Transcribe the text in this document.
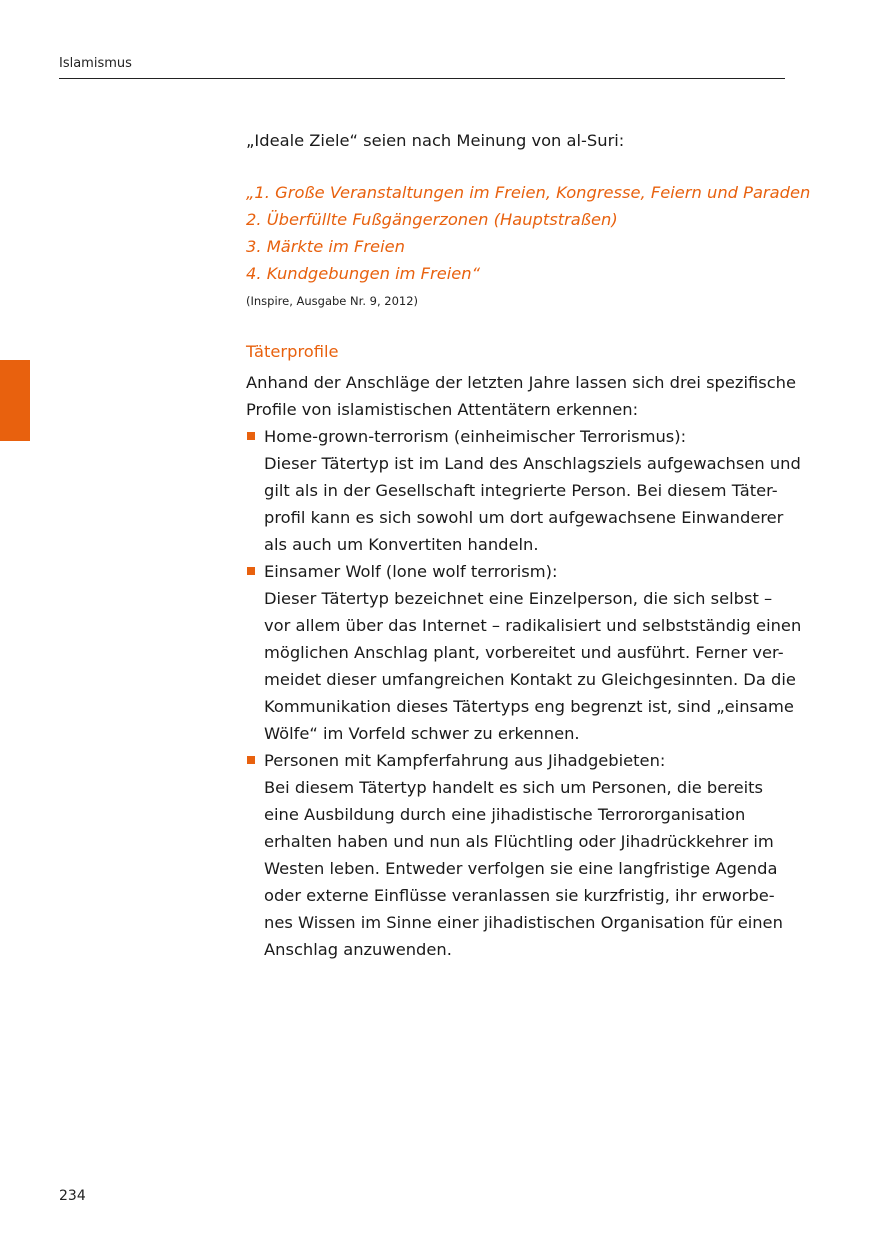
Islamismus
„Ideale Ziele“ seien nach Meinung von al-Suri:
„1. Große Veranstaltungen im Freien, Kongresse, Feiern und Paraden
2. Überfüllte Fußgängerzonen (Hauptstraßen)
3. Märkte im Freien
4. Kundgebungen im Freien“
(Inspire, Ausgabe Nr. 9, 2012)
Täterprofile
Anhand der Anschläge der letzten Jahre lassen sich drei spezifische
Profile von islamistischen Attentätern erkennen:
Home-grown-terrorism (einheimischer Terrorismus):
Dieser Tätertyp ist im Land des Anschlagsziels aufgewachsen und
gilt als in der Gesellschaft integrierte Person. Bei diesem Täter-
profil kann es sich sowohl um dort aufgewachsene Einwanderer
als auch um Konvertiten handeln.
Einsamer Wolf (lone wolf terrorism):
Dieser Tätertyp bezeichnet eine Einzelperson, die sich selbst –
vor allem über das Internet – radikalisiert und selbstständig einen
möglichen Anschlag plant, vorbereitet und ausführt. Ferner ver-
meidet dieser umfangreichen Kontakt zu Gleichgesinnten. Da die
Kommunikation dieses Tätertyps eng begrenzt ist, sind „einsame
Wölfe“ im Vorfeld schwer zu erkennen.
Personen mit Kampferfahrung aus Jihadgebieten:
Bei diesem Tätertyp handelt es sich um Personen, die bereits
eine Ausbildung durch eine jihadistische Terrororganisation
erhalten haben und nun als Flüchtling oder Jihadrückkehrer im
Westen leben. Entweder verfolgen sie eine langfristige Agenda
oder externe Einflüsse veranlassen sie kurzfristig, ihr erworbe-
nes Wissen im Sinne einer jihadistischen Organisation für einen
Anschlag anzuwenden.
234
